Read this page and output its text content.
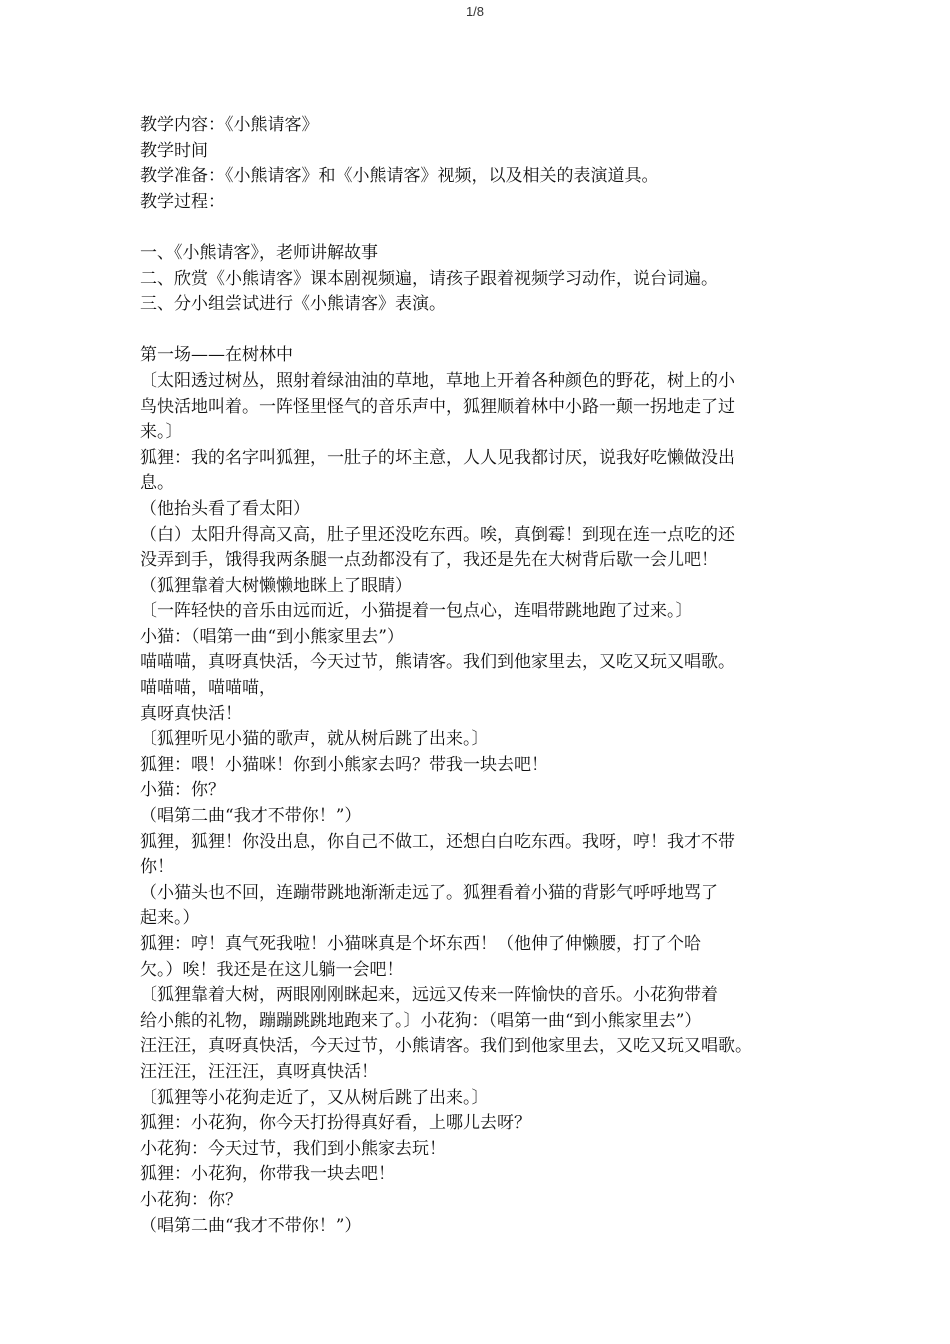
1/8
教学内容：《小熊请客》
教学时间
教学准备：《小熊请客》和《小熊请客》视频，以及相关的表演道具。
教学过程：
一、《小熊请客》，老师讲解故事
二、欣赏《小熊请客》课本剧视频遍，请孩子跟着视频学习动作，说台词遍。
三、分小组尝试进行《小熊请客》表演。
第一场——在树林中
〔太阳透过树丛，照射着绿油油的草地，草地上开着各种颜色的野花，树上的小
鸟快活地叫着。一阵怪里怪气的音乐声中，狐狸顺着林中小路一颠一拐地走了过
来。〕
狐狸：我的名字叫狐狸，一肚子的坏主意，人人见我都讨厌，说我好吃懒做没出
息。
（他抬头看了看太阳）
（白）太阳升得高又高，肚子里还没吃东西。唉，真倒霉！到现在连一点吃的还
没弄到手，饿得我两条腿一点劲都没有了，我还是先在大树背后歇一会儿吧！
（狐狸靠着大树懒懒地眯上了眼睛）
〔一阵轻快的音乐由远而近，小猫提着一包点心，连唱带跳地跑了过来。〕
小猫：（唱第一曲“到小熊家里去”）
喵喵喵，真呀真快活，今天过节，熊请客。我们到他家里去，又吃又玩又唱歌。
喵喵喵，喵喵喵，
真呀真快活！
〔狐狸听见小猫的歌声，就从树后跳了出来。〕
狐狸：喂！小猫咪！你到小熊家去吗？带我一块去吧！
小猫：你？
（唱第二曲“我才不带你！”）
狐狸，狐狸！你没出息，你自己不做工，还想白白吃东西。我呀，哼！我才不带
你！
（小猫头也不回，连蹦带跳地渐渐走远了。狐狸看着小猫的背影气呼呼地骂了
起来。）
狐狸：哼！真气死我啦！小猫咪真是个坏东西！（他伸了伸懒腰，打了个哈
欠。）唉！我还是在这儿躺一会吧！
〔狐狸靠着大树，两眼刚刚眯起来，远远又传来一阵愉快的音乐。小花狗带着
给小熊的礼物，蹦蹦跳跳地跑来了。〕小花狗：（唱第一曲“到小熊家里去”）
汪汪汪，真呀真快活，今天过节，小熊请客。我们到他家里去，又吃又玩又唱歌。
汪汪汪，汪汪汪，真呀真快活！
〔狐狸等小花狗走近了，又从树后跳了出来。〕
狐狸：小花狗，你今天打扮得真好看，上哪儿去呀？
小花狗：今天过节，我们到小熊家去玩！
狐狸：小花狗，你带我一块去吧！
小花狗：你？
（唱第二曲“我才不带你！”）
